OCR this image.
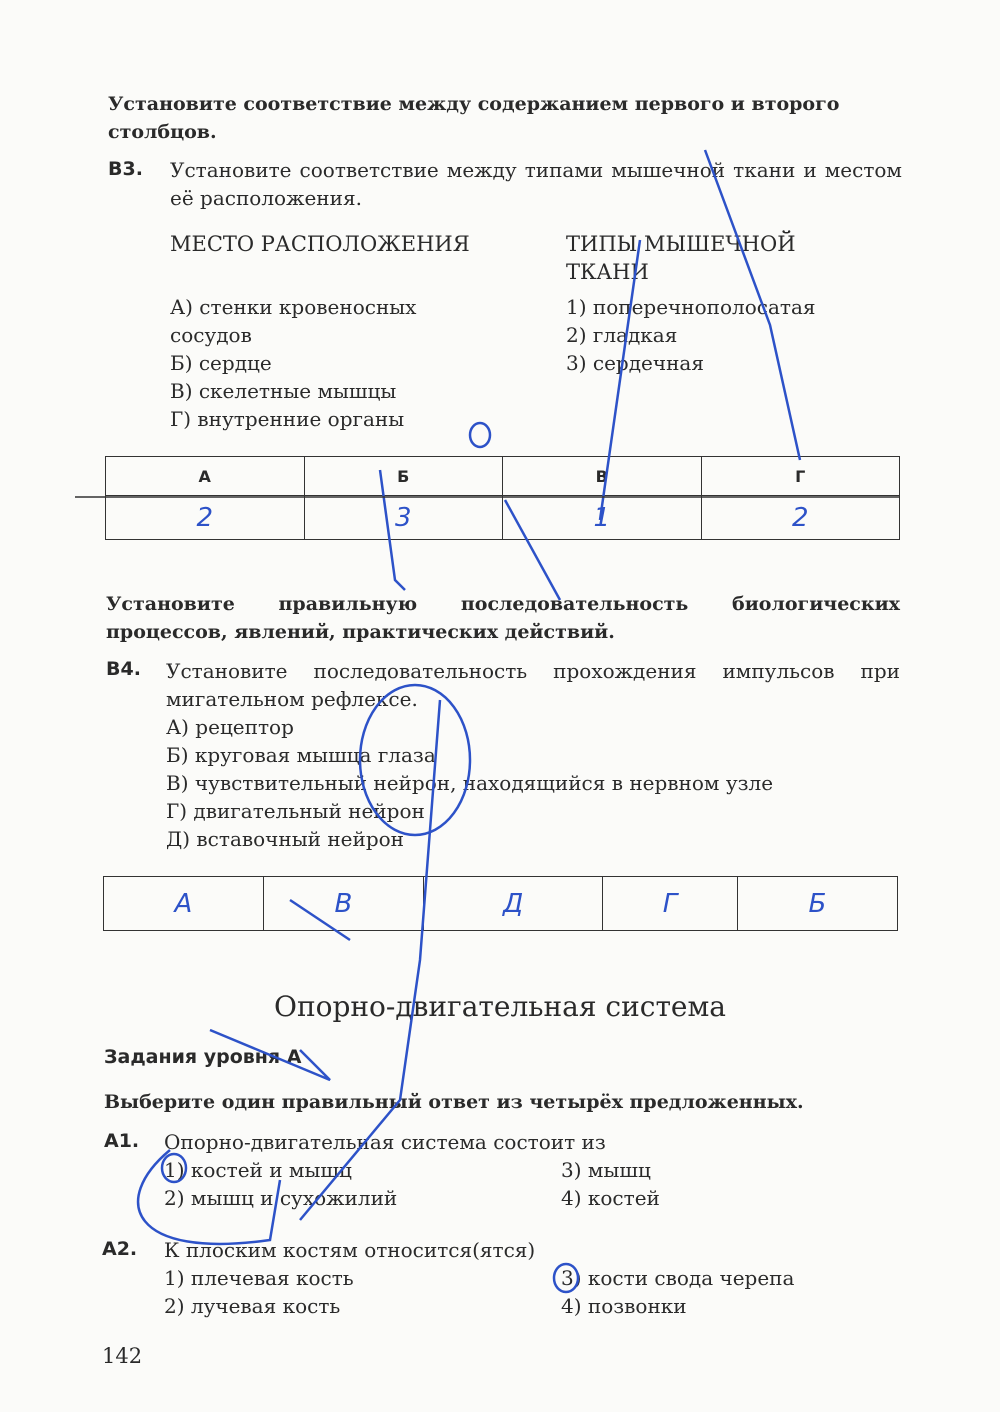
Установите соответствие между содержанием первого и второго столбцов.
В3. Установите соответствие между типами мышечной ткани и местом её расположения.
МЕСТО РАСПОЛОЖЕНИЯ	ТИПЫ МЫШЕЧНОЙ
ТКАНИ
А) стенки кровеносных
сосудов
Б) сердце
В) скелетные мышцы
Г) внутренние органы
1) поперечнополосатая
2) гладкая
3) сердечная
А	Б	В	Г
2	3	1	2
Установите правильную последовательность биологических процессов, явлений, практических действий.
В4. Установите последовательность прохождения импульсов при мигательном рефлексе.
А) рецептор
Б) круговая мышца глаза
В) чувствительный нейрон, находящийся в нервном узле
Г) двигательный нейрон
Д) вставочный нейрон
А	В	Д	Г	Б
Опорно-двигательная система
Задания уровня А
Выберите один правильный ответ из четырёх предложенных.
А1. Опорно-двигательная система состоит из
1) костей и мышц	3) мышц
2) мышц и сухожилий	4) костей
А2. К плоским костям относится(ятся)
1) плечевая кость	3) кости свода черепа
2) лучевая кость	4) позвонки
142
